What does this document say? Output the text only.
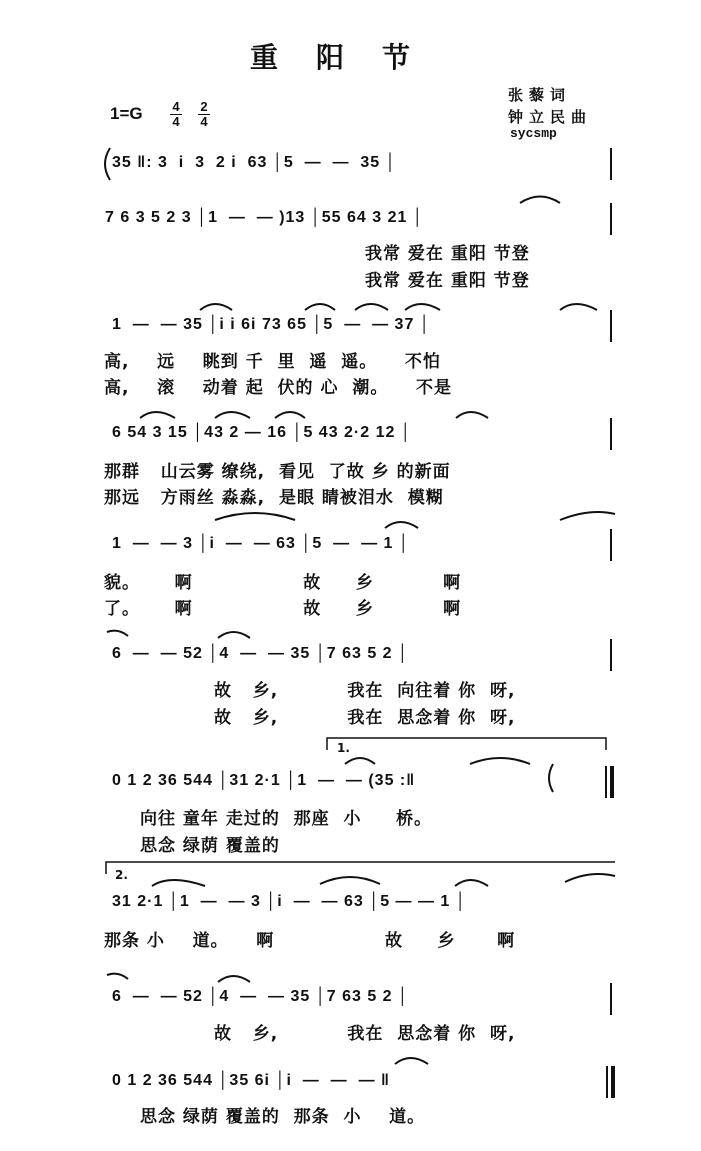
重阳节
张藜词
钟立民曲
sycsmp
$1=G \frac{4}{4} \frac{2}{4}$
35 ‖: 3  i  3  2 i  63 │5  —  —  35 │
7 6 3 5 2 3 │1  —  — )13 │55 64 3 21 │
1  —  — 35 │i i 6i 73 65 │5  —  — 37 │
6 54 3 15 │43 2 — 16 │5 43 2·2 12 │
1  —  — 3 │i  —  — 63 │5  —  — 1 │
6  —  — 52 │4  —  — 35 │7 63 5 2 │
0 1 2 36 544 │31 2·1 │1  —  — (35 :‖
31 2·1 │1  —  — 3 │i  —  — 63 │5 — — 1 │
6  —  — 52 │4  —  — 35 │7 63 5 2 │
0 1 2 36 544 │35 6i │i  —  —  — ‖
我常 爱在 重阳 节登
我常 爱在 重阳 节登
高,    远    眺到 千  里  遥  遥。    不怕
高,    滚    动着 起  伏的 心  潮。    不是
那群   山云雾 缭绕,  看见  了故 乡 的新面
那远   方雨丝 淼淼,  是眼 睛被泪水  模糊
貌。     啊                故     乡          啊
了。     啊                故     乡          啊
故   乡,          我在  向往着 你  呀,
故   乡,          我在  思念着 你  呀,
向往 童年 走过的  那座  小     桥。
思念 绿荫 覆盖的
那条 小    道。    啊                故     乡      啊
故   乡,          我在  思念着 你  呀,
思念 绿荫 覆盖的  那条  小    道。
1.
2.
